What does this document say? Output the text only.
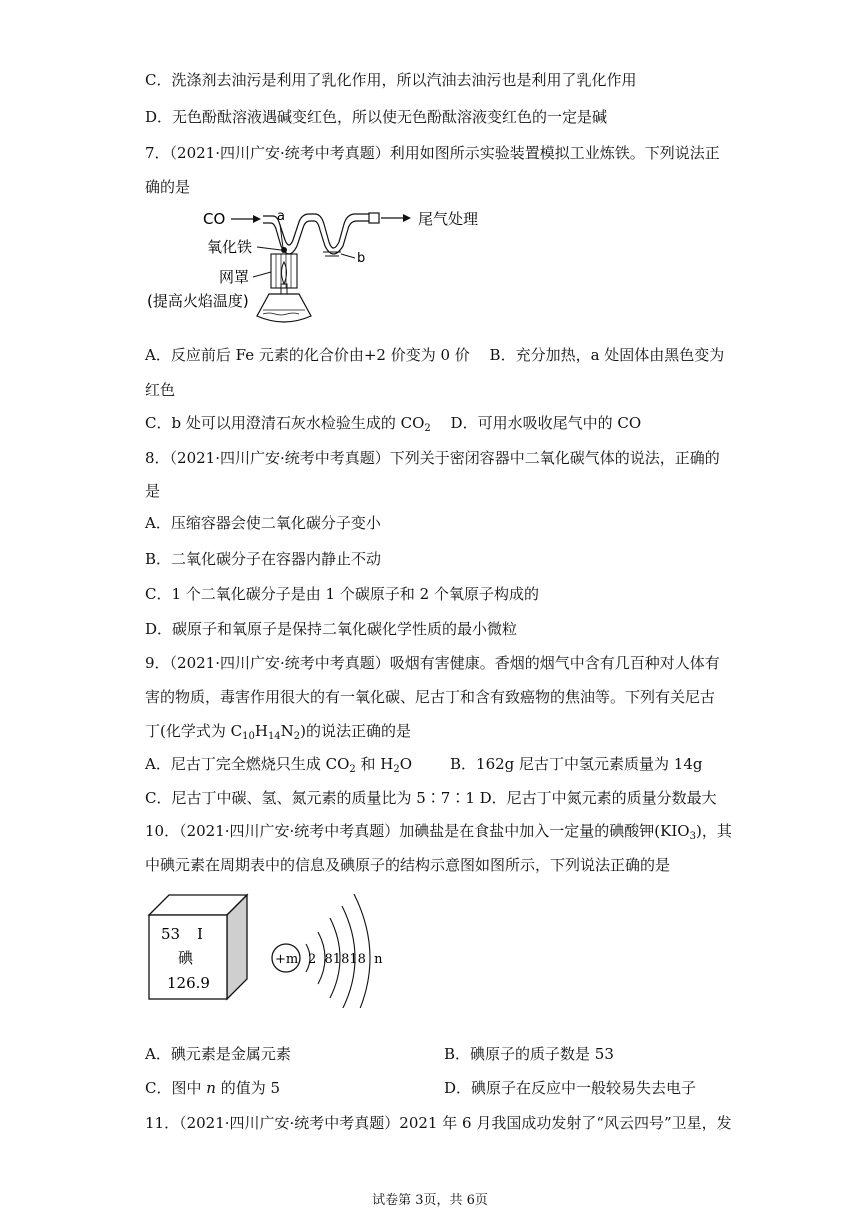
C．洗涤剂去油污是利用了乳化作用，所以汽油去油污也是利用了乳化作用
D．无色酚酞溶液遇碱变红色，所以使无色酚酞溶液变红色的一定是碱
7．（2021·四川广安·统考中考真题）利用如图所示实验装置模拟工业炼铁。下列说法正
确的是
CO	a	尾气处理
b
氧化铁
网罩
(提高火焰温度)
A．反应前后 Fe 元素的化合价由+2 价变为 0 价　 B．充分加热，a 处固体由黑色变为
红色
C．b 处可以用澄清石灰水检验生成的 $CO_2$　 D．可用水吸收尾气中的 CO
8．（2021·四川广安·统考中考真题）下列关于密闭容器中二氧化碳气体的说法，正确的
是
A．压缩容器会使二氧化碳分子变小
B．二氧化碳分子在容器内静止不动
C．1 个二氧化碳分子是由 1 个碳原子和 2 个氧原子构成的
D．碳原子和氧原子是保持二氧化碳化学性质的最小微粒
9．（2021·四川广安·统考中考真题）吸烟有害健康。香烟的烟气中含有几百种对人体有
害的物质，毒害作用很大的有一氧化碳、尼古丁和含有致癌物的焦油等。下列有关尼古
丁(化学式为 $C_{10}H_{14}N_2$)的说法正确的是
A．尼古丁完全燃烧只生成 $CO_2$ 和 $H_2O$	B．162g 尼古丁中氢元素质量为 14g
C．尼古丁中碳、氢、氮元素的质量比为 5∶7∶1 D．尼古丁中氮元素的质量分数最大
10．（2021·四川广安·统考中考真题）加碘盐是在食盐中加入一定量的碘酸钾$(KIO_3)$，其
中碘元素在周期表中的信息及碘原子的结构示意图如图所示，下列说法正确的是
53 I
碘
126.9
+m 2  81818  n
A．碘元素是金属元素	B．碘原子的质子数是 53
C．图中 n 的值为 5	D．碘原子在反应中一般较易失去电子
11．（2021·四川广安·统考中考真题）2021 年 6 月我国成功发射了“风云四号”卫星，发
试卷第 3页，共 6页
